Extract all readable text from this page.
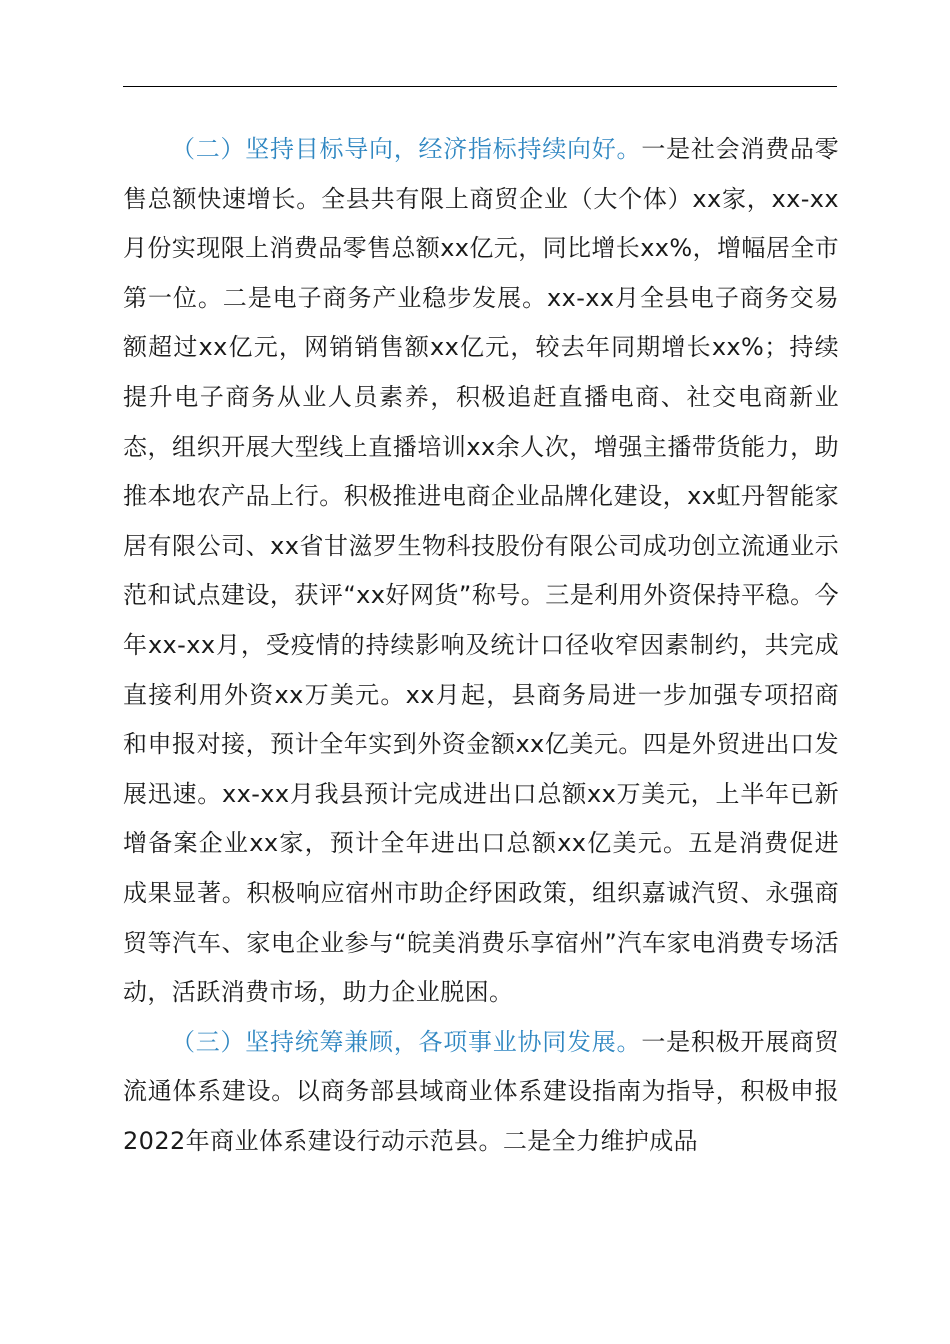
（二）坚持目标导向，经济指标持续向好。一是社会消费品零售总额快速增长。全县共有限上商贸企业（大个体）xx家，xx-xx月份实现限上消费品零售总额xx亿元，同比增长xx%，增幅居全市第一位。二是电子商务产业稳步发展。xx-xx月全县电子商务交易额超过xx亿元，网销销售额xx亿元，较去年同期增长xx%；持续提升电子商务从业人员素养，积极追赶直播电商、社交电商新业态，组织开展大型线上直播培训xx余人次，增强主播带货能力，助推本地农产品上行。积极推进电商企业品牌化建设，xx虹丹智能家居有限公司、xx省甘滋罗生物科技股份有限公司成功创立流通业示范和试点建设，获评“xx好网货”称号。三是利用外资保持平稳。今年xx-xx月，受疫情的持续影响及统计口径收窄因素制约，共完成直接利用外资xx万美元。xx月起，县商务局进一步加强专项招商和申报对接，预计全年实到外资金额xx亿美元。四是外贸进出口发展迅速。xx-xx月我县预计完成进出口总额xx万美元，上半年已新增备案企业xx家，预计全年进出口总额xx亿美元。五是消费促进成果显著。积极响应宿州市助企纾困政策，组织嘉诚汽贸、永强商贸等汽车、家电企业参与“皖美消费乐享宿州”汽车家电消费专场活动，活跃消费市场，助力企业脱困。

（三）坚持统筹兼顾，各项事业协同发展。一是积极开展商贸流通体系建设。以商务部县域商业体系建设指南为指导，积极申报2022年商业体系建设行动示范县。二是全力维护成品
